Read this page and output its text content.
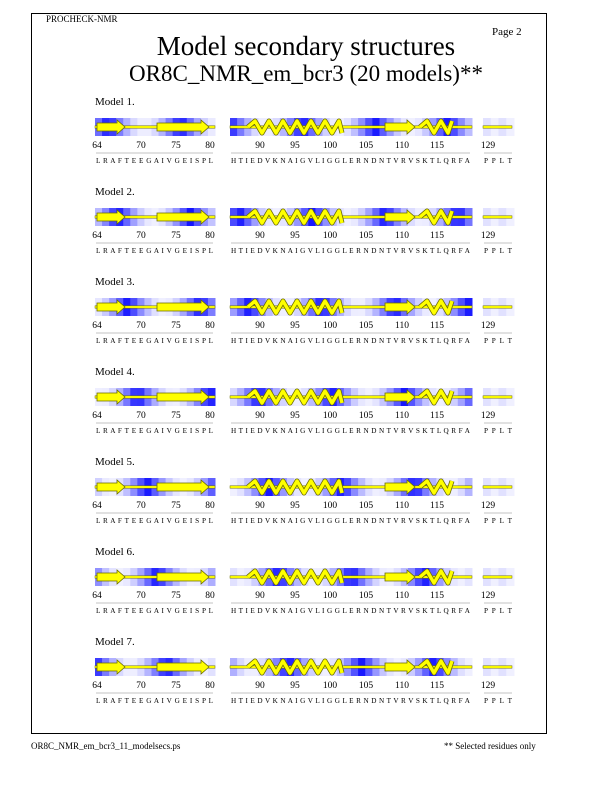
PROCHECK-NMR
Page 2
Model secondary structures
OR8C_NMR_em_bcr3 (20 models)**
Model 1.
64	70	75	80
L R A F T E E G A I V G E I S P L
90	95 100 105 110 115
H T I E D V K N A I G V L I G G L E R N D N T V R V S K T L Q R F A
129
P P L T
Model 2.
64	70	75	80
L R A F T E E G A I V G E I S P L
90	95 100 105 110 115
H T I E D V K N A I G V L I G G L E R N D N T V R V S K T L Q R F A
129
P P L T
Model 3.
64	70	75	80
L R A F T E E G A I V G E I S P L
90	95 100 105 110 115
H T I E D V K N A I G V L I G G L E R N D N T V R V S K T L Q R F A
129
P P L T
Model 4.
64	70	75	80
L R A F T E E G A I V G E I S P L
90	95 100 105 110 115
H T I E D V K N A I G V L I G G L E R N D N T V R V S K T L Q R F A
129
P P L T
Model 5.
64	70	75	80
L R A F T E E G A I V G E I S P L
90	95 100 105 110 115
H T I E D V K N A I G V L I G G L E R N D N T V R V S K T L Q R F A
129
P P L T
Model 6.
64	70	75	80
L R A F T E E G A I V G E I S P L
90	95 100 105 110 115
H T I E D V K N A I G V L I G G L E R N D N T V R V S K T L Q R F A
129
P P L T
Model 7.
64	70	75	80
L R A F T E E G A I V G E I S P L
90	95 100 105 110 115
H T I E D V K N A I G V L I G G L E R N D N T V R V S K T L Q R F A
129
P P L T
OR8C_NMR_em_bcr3_11_modelsecs.ps	** Selected residues only
